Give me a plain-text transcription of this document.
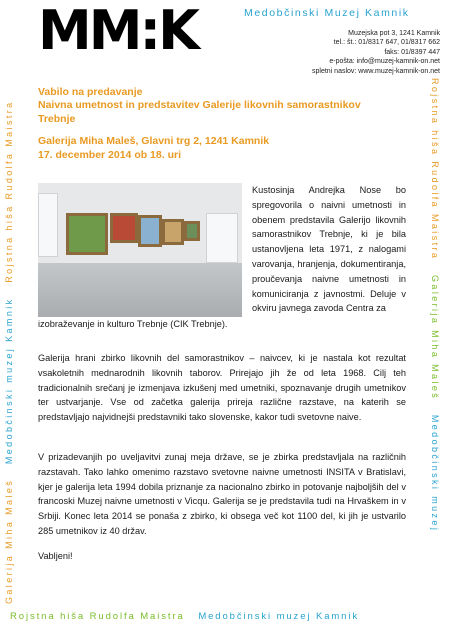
MM:K	Medobčinski Muzej Kamnik
Muzejska pot 3, 1241 Kamnik
tel.: št.: 01/8317 647, 01/8317 662
faks: 01/8397 447
e-pošta: info@muzej-kamnik-on.net
spletni naslov: www.muzej-kamnik-on.net
Galerija Miha Maleš   Medobčinski muzej Kamnik   Rojstna hiša Rudolfa Maistra	Rojstna hiša Rudolfa Maistra   Galerija Miha Maleš   Medobčinski muzej
Rojstna hiša Rudolfa Maistra Medobčinski muzej Kamnik

Vabilo na predavanje

Naivna umetnost in predstavitev Galerije likovnih samorastnikov

Trebnje

Galerija Miha Maleš, Glavni trg 2, 1241 Kamnik

17. december 2014 ob 18. uri

Kustosinja Andrejka Nose bo spregovorila o naivni umetnosti in obenem predstavila Galerijo likovnih samorastnikov Trebnje, ki je bila ustanovljena leta 1971, z nalogami varovanja, hranjenja, dokumentiranja, proučevanja naivne umetnosti in komuniciranja z javnostmi. Deluje v okviru javnega zavoda Centra za
izobraževanje in kulturo Trebnje (CIK Trebnje).
Galerija hrani zbirko likovnih del samorastnikov – naivcev, ki je nastala kot rezultat vsakoletnih mednarodnih likovnih taborov. Prirejajo jih že od leta 1968. Cilj teh tradicionalnih srečanj je izmenjava izkušenj med umetniki, spoznavanje drugih umetnikov ter ustvarjanje. Vse od začetka galerija prireja različne razstave, na katerih se predstavljajo najvidnejši predstavniki tako slovenske, kakor tudi svetovne naive.
V prizadevanjih po uveljavitvi zunaj meja države, se je zbirka predstavljala na različnih razstavah. Tako lahko omenimo razstavo svetovne naivne umetnosti INSITA v Bratislavi, kjer je galerija leta 1994 dobila priznanje za nacionalno zbirko in potovanje najboljših del v francoski Muzej naivne umetnosti v Vicqu. Galerija se je predstavila tudi na Hrvaškem in v Srbiji. Konec leta 2014 se ponaša z zbirko, ki obsega več kot 1100 del, ki jih je ustvarilo 285 umetnikov iz 40 držav.
Vabljeni!
